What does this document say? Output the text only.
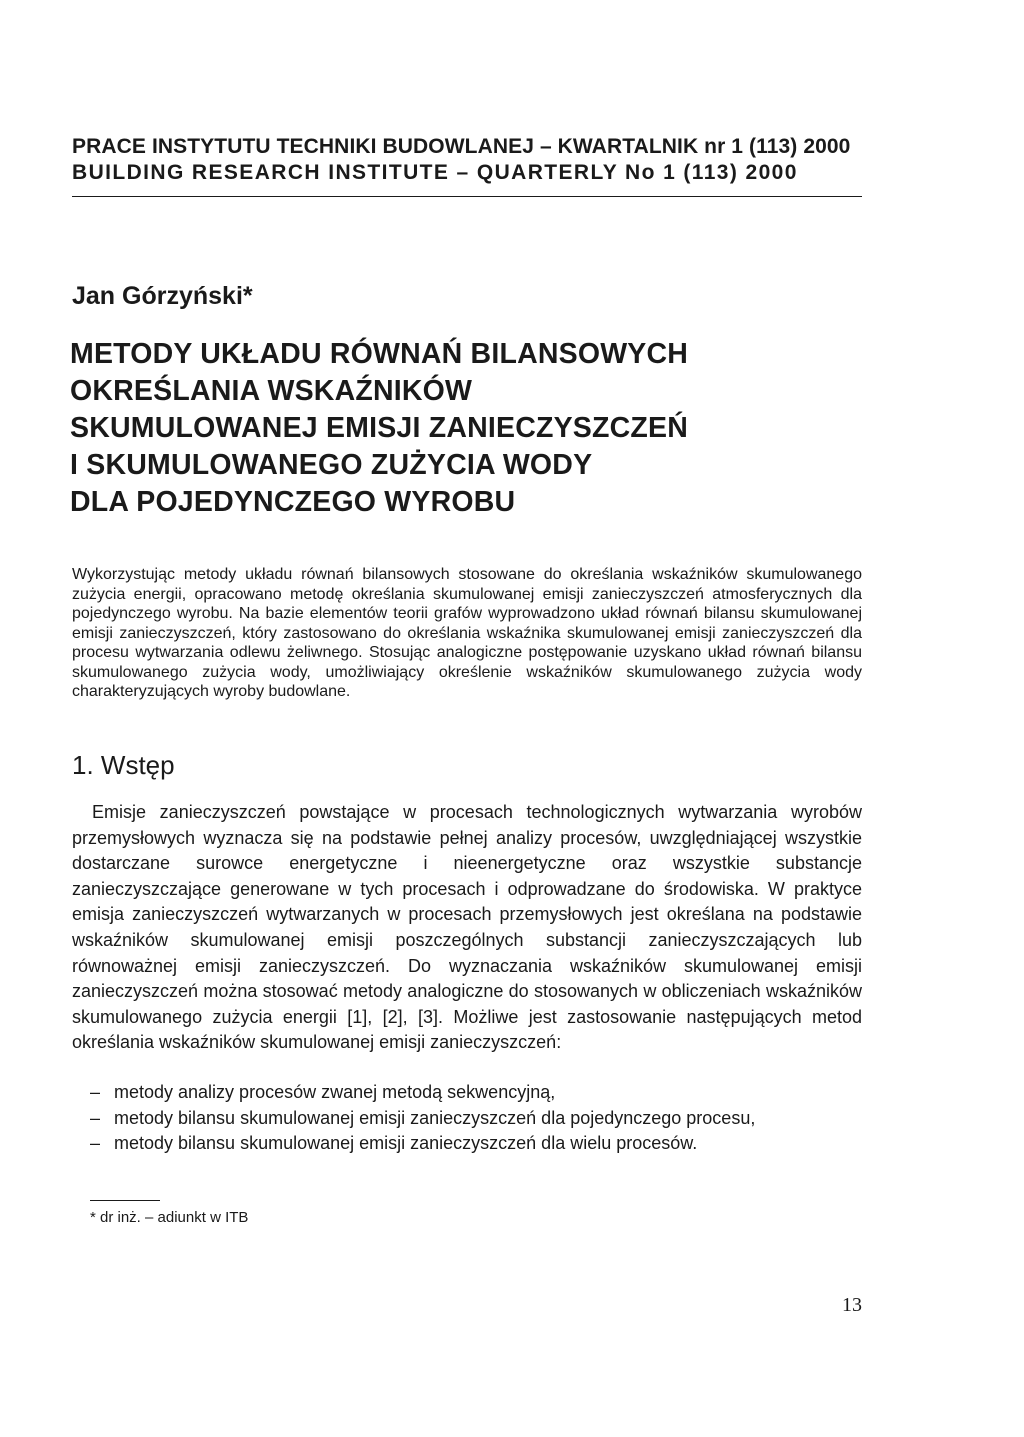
PRACE INSTYTUTU TECHNIKI BUDOWLANEJ – KWARTALNIK nr 1 (113) 2000
BUILDING RESEARCH INSTITUTE – QUARTERLY No 1 (113) 2000
Jan Górzyński*
METODY UKŁADU RÓWNAŃ BILANSOWYCH
OKREŚLANIA WSKAŹNIKÓW
SKUMULOWANEJ EMISJI ZANIECZYSZCZEŃ
I SKUMULOWANEGO ZUŻYCIA WODY
DLA POJEDYNCZEGO WYROBU

Wykorzystując metody układu równań bilansowych stosowane do określania wskaźników skumulowanego zużycia energii, opracowano metodę określania skumulowanej emisji zanieczyszczeń atmosferycznych dla pojedynczego wyrobu. Na bazie elementów teorii grafów wyprowadzono układ równań bilansu skumulowanej emisji zanieczyszczeń, który zastosowano do określania wskaźnika skumulowanej emisji zanieczyszczeń dla procesu wytwarzania odlewu żeliwnego. Stosując analogiczne postępowanie uzyskano układ równań bilansu skumulowanego zużycia wody, umożliwiający określenie wskaźników skumulowanego zużycia wody charakteryzujących wyroby budowlane.

1. Wstęp

Emisje zanieczyszczeń powstające w procesach technologicznych wytwarzania wyrobów przemysłowych wyznacza się na podstawie pełnej analizy procesów, uwzględniającej wszystkie dostarczane surowce energetyczne i nieenergetyczne oraz wszystkie substancje zanieczyszczające generowane w tych procesach i odprowadzane do środowiska. W praktyce emisja zanieczyszczeń wytwarzanych w procesach przemysłowych jest określana na podstawie wskaźników skumulowanej emisji poszczególnych substancji zanieczyszczających lub równoważnej emisji zanieczyszczeń. Do wyznaczania wskaźników skumulowanej emisji zanieczyszczeń można stosować metody analogiczne do stosowanych w obliczeniach wskaźników skumulowanego zużycia energii [1], [2], [3]. Możliwe jest zastosowanie następujących metod określania wskaźników skumulowanej emisji zanieczyszczeń:

– metody analizy procesów zwanej metodą sekwencyjną,
– metody bilansu skumulowanej emisji zanieczyszczeń dla pojedynczego procesu,
– metody bilansu skumulowanej emisji zanieczyszczeń dla wielu procesów.
* dr inż. – adiunkt w ITB
13
